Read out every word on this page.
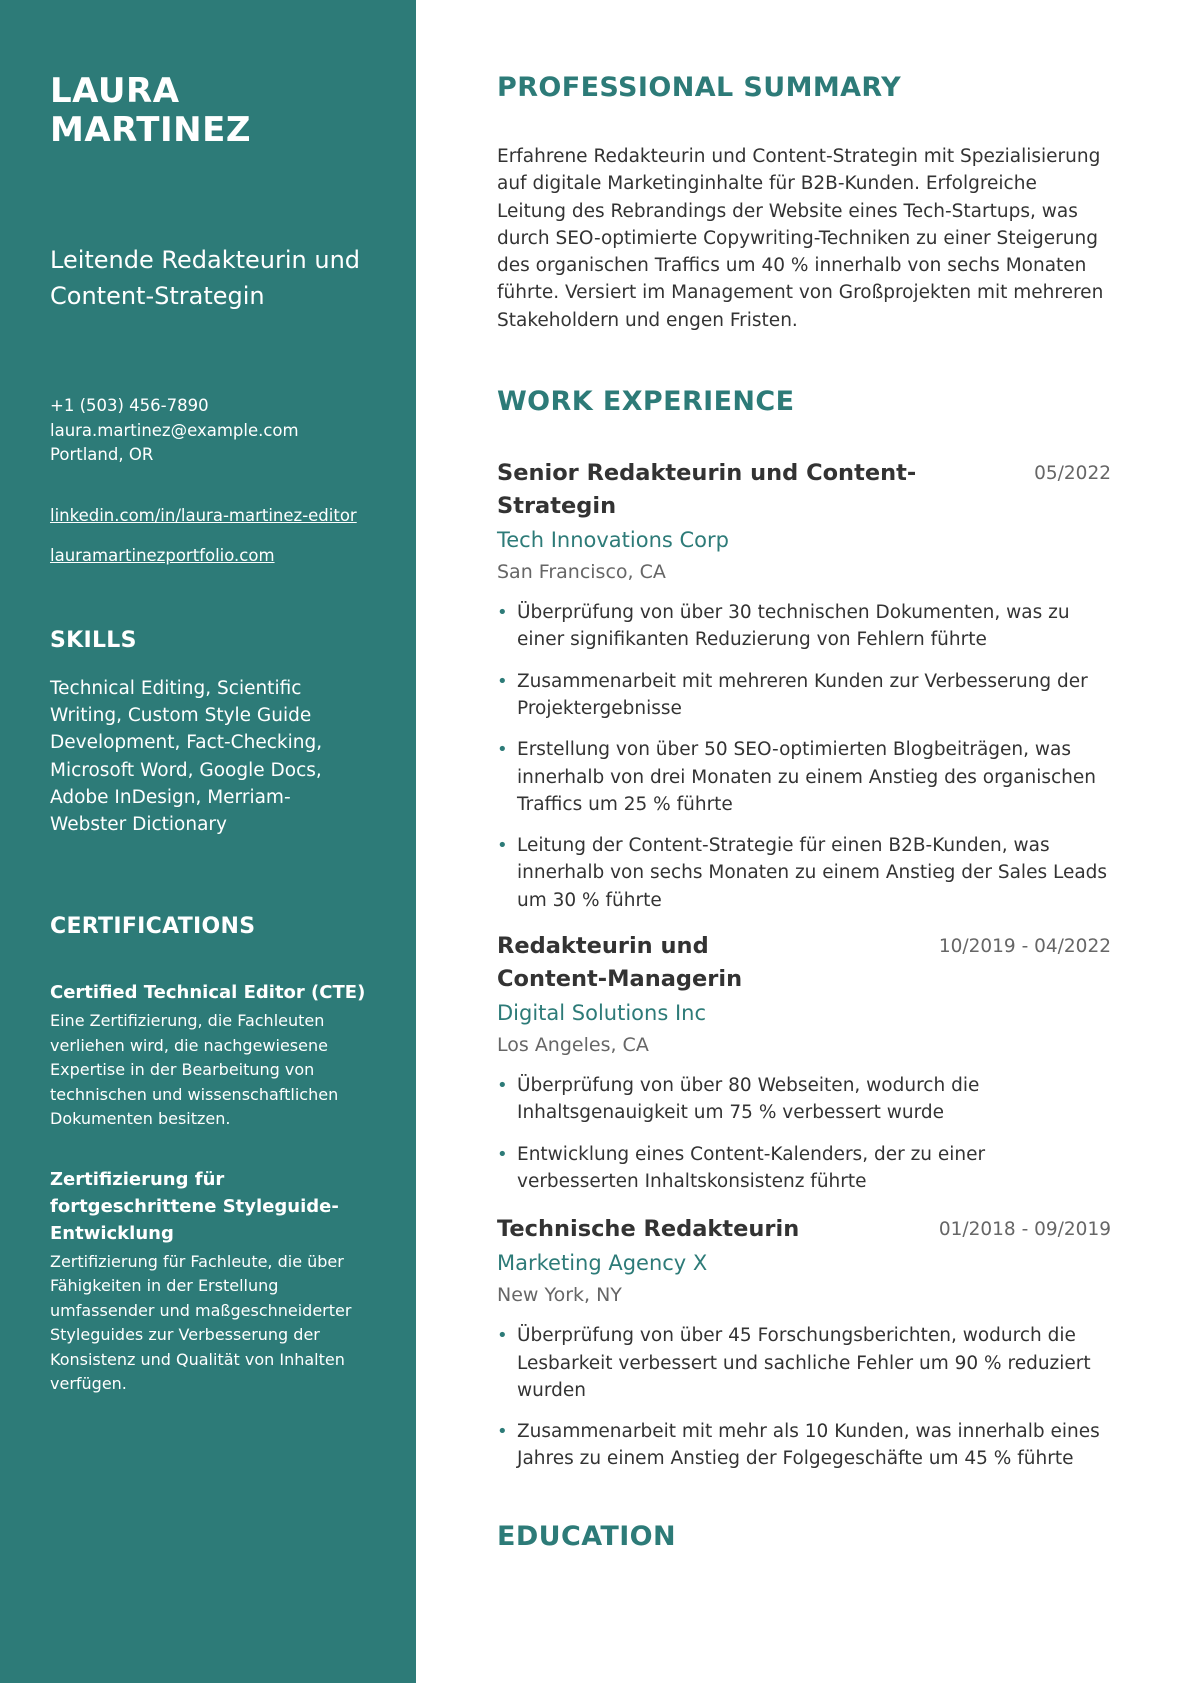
LAURA MARTINEZ
Leitende Redakteurin und Content-Strategin
+1 (503) 456-7890
laura.martinez@example.com
Portland, OR
linkedin.com/in/laura-martinez-editor
lauramartinezportfolio.com
SKILLS

Technical Editing, Scientific Writing, Custom Style Guide Development, Fact-Checking, Microsoft Word, Google Docs, Adobe InDesign, Merriam-Webster Dictionary

CERTIFICATIONS
Certified Technical Editor (CTE)
Eine Zertifizierung, die Fachleuten verliehen wird, die nachgewiesene Expertise in der Bearbeitung von technischen und wissenschaftlichen Dokumenten besitzen.
Zertifizierung für fortgeschrittene Styleguide-Entwicklung
Zertifizierung für Fachleute, die über Fähigkeiten in der Erstellung umfassender und maßgeschneiderter Styleguides zur Verbesserung der Konsistenz und Qualität von Inhalten verfügen.
PROFESSIONAL SUMMARY

Erfahrene Redakteurin und Content-Strategin mit Spezialisierung auf digitale Marketinginhalte für B2B-Kunden. Erfolgreiche Leitung des Rebrandings der Website eines Tech-Startups, was durch SEO-optimierte Copywriting-Techniken zu einer Steigerung des organischen Traffics um 40 % innerhalb von sechs Monaten führte. Versiert im Management von Großprojekten mit mehreren Stakeholdern und engen Fristen.

WORK EXPERIENCE
Senior Redakteurin und Content-Strategin
05/2022
Tech Innovations Corp
San Francisco, CA
• Überprüfung von über 30 technischen Dokumenten, was zu einer signifikanten Reduzierung von Fehlern führte
• Zusammenarbeit mit mehreren Kunden zur Verbesserung der Projektergebnisse
• Erstellung von über 50 SEO-optimierten Blogbeiträgen, was innerhalb von drei Monaten zu einem Anstieg des organischen Traffics um 25 % führte
• Leitung der Content-Strategie für einen B2B-Kunden, was innerhalb von sechs Monaten zu einem Anstieg der Sales Leads um 30 % führte
Redakteurin und Content-Managerin
10/2019 - 04/2022
Digital Solutions Inc
Los Angeles, CA
• Überprüfung von über 80 Webseiten, wodurch die Inhaltsgenauigkeit um 75 % verbessert wurde
• Entwicklung eines Content-Kalenders, der zu einer verbesserten Inhaltskonsistenz führte
Technische Redakteurin	01/2018 - 09/2019
Marketing Agency X
New York, NY
• Überprüfung von über 45 Forschungsberichten, wodurch die Lesbarkeit verbessert und sachliche Fehler um 90 % reduziert wurden
• Zusammenarbeit mit mehr als 10 Kunden, was innerhalb eines Jahres zu einem Anstieg der Folgegeschäfte um 45 % führte
EDUCATION
